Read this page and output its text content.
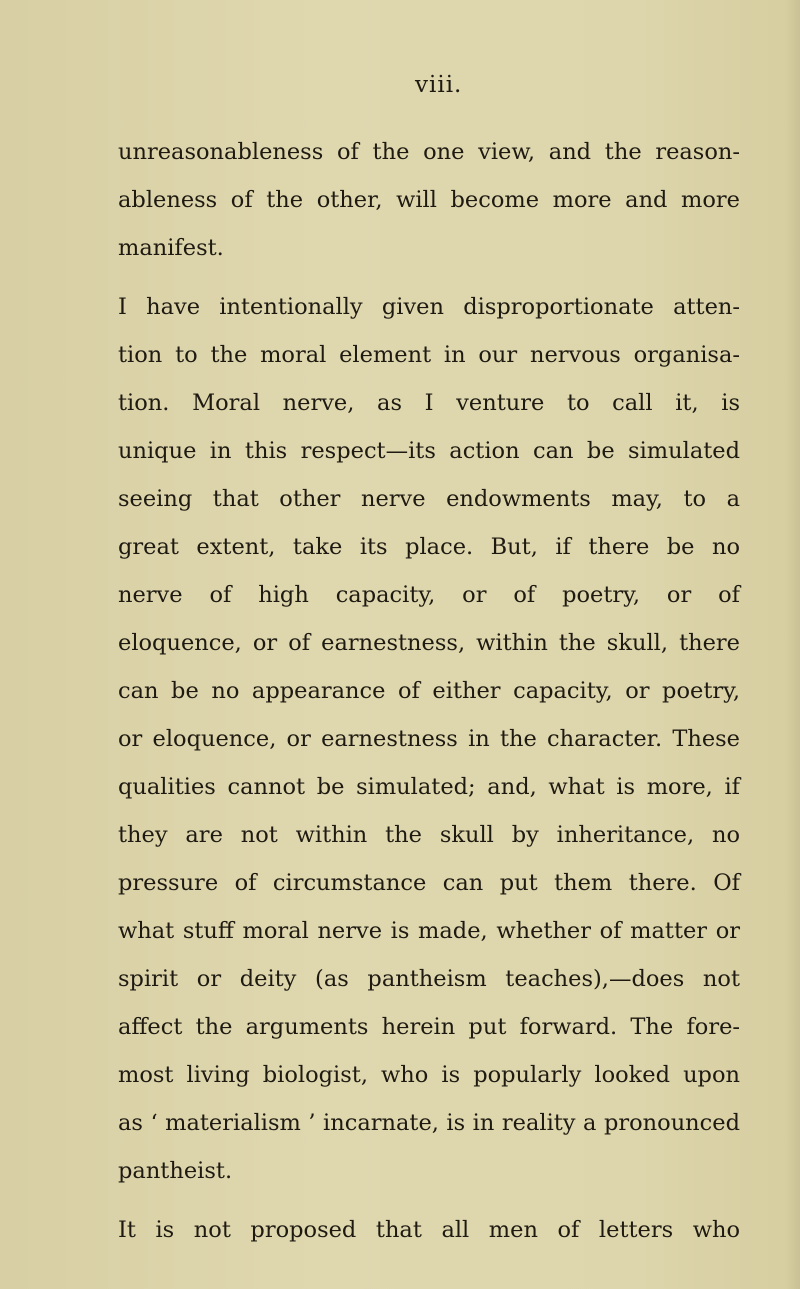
viii.
unreasonableness of the one view, and the reason-
ableness of the other, will become more and more
manifest.
I have intentionally given disproportionate atten-
tion to the moral element in our nervous organisa-
tion. Moral nerve, as I venture to call it, is
unique in this respect—its action can be simulated
seeing that other nerve endowments may, to a
great extent, take its place. But, if there be no
nerve of high capacity, or of poetry, or of
eloquence, or of earnestness, within the skull, there
can be no appearance of either capacity, or poetry,
or eloquence, or earnestness in the character. These
qualities cannot be simulated; and, what is more, if
they are not within the skull by inheritance, no
pressure of circumstance can put them there. Of
what stuff moral nerve is made, whether of matter or
spirit or deity (as pantheism teaches),—does not
affect the arguments herein put forward. The fore-
most living biologist, who is popularly looked upon
as ‘ materialism ’ incarnate, is in reality a pronounced
pantheist.
It is not proposed that all men of letters who
